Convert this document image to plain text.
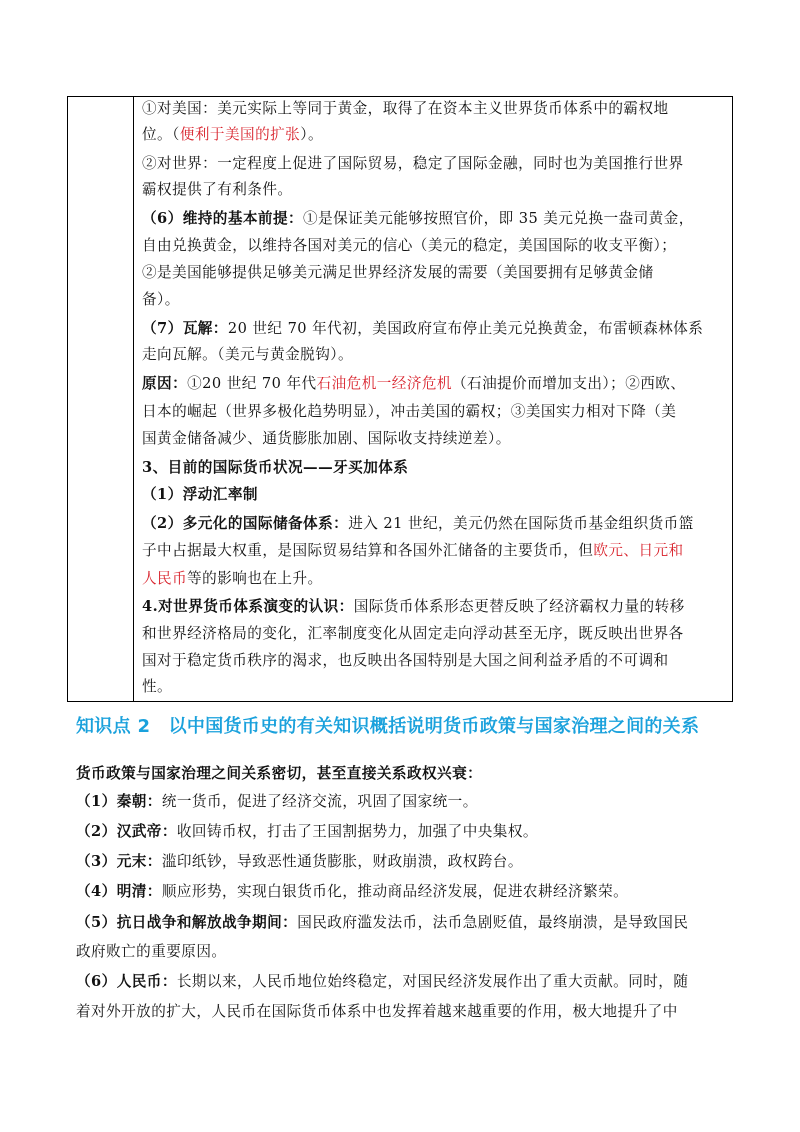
①对美国：美元实际上等同于黄金，取得了在资本主义世界货币体系中的霸权地
位。（便利于美国的扩张）。
②对世界：一定程度上促进了国际贸易，稳定了国际金融，同时也为美国推行世界
霸权提供了有利条件。
（6）维持的基本前提：①是保证美元能够按照官价，即 35 美元兑换一盎司黄金，
自由兑换黄金，以维持各国对美元的信心（美元的稳定，美国国际的收支平衡）；
②是美国能够提供足够美元满足世界经济发展的需要（美国要拥有足够黄金储
备）。
（7）瓦解：20 世纪 70 年代初，美国政府宣布停止美元兑换黄金，布雷顿森林体系
走向瓦解。（美元与黄金脱钩）。
原因：①20 世纪 70 年代石油危机一经济危机（石油提价而增加支出）；②西欧、
日本的崛起（世界多极化趋势明显），冲击美国的霸权；③美国实力相对下降（美
国黄金储备减少、通货膨胀加剧、国际收支持续逆差）。
3、目前的国际货币状况——牙买加体系
（1）浮动汇率制
（2）多元化的国际储备体系：进入 21 世纪，美元仍然在国际货币基金组织货币篮
子中占据最大权重，是国际贸易结算和各国外汇储备的主要货币，但欧元、日元和
人民币等的影响也在上升。
4.对世界货币体系演变的认识：国际货币体系形态更替反映了经济霸权力量的转移
和世界经济格局的变化，汇率制度变化从固定走向浮动甚至无序，既反映出世界各
国对于稳定货币秩序的渴求，也反映出各国特别是大国之间利益矛盾的不可调和
性。
知识点 2　以中国货币史的有关知识概括说明货币政策与国家治理之间的关系
货币政策与国家治理之间关系密切，甚至直接关系政权兴衰：
（1）秦朝：统一货币，促进了经济交流，巩固了国家统一。
（2）汉武帝：收回铸币权，打击了王国割据势力，加强了中央集权。
（3）元末：滥印纸钞，导致恶性通货膨胀，财政崩溃，政权跨台。
（4）明清：顺应形势，实现白银货币化，推动商品经济发展，促进农耕经济繁荣。
（5）抗日战争和解放战争期间：国民政府滥发法币，法币急剧贬值，最终崩溃，是导致国民
政府败亡的重要原因。
（6）人民币：长期以来，人民币地位始终稳定，对国民经济发展作出了重大贡献。同时，随
着对外开放的扩大，人民币在国际货币体系中也发挥着越来越重要的作用，极大地提升了中
